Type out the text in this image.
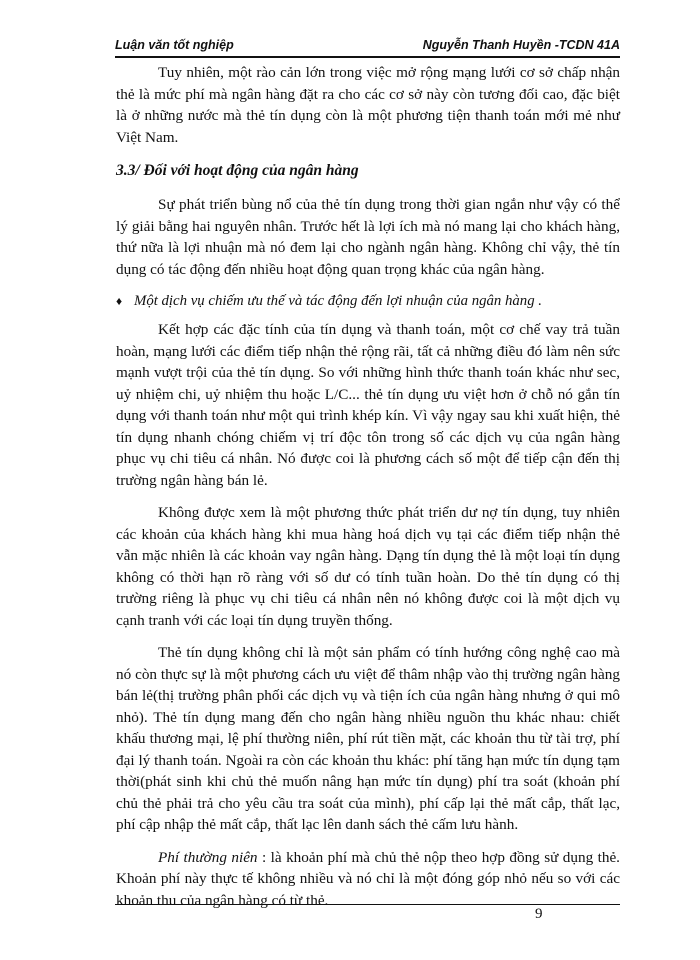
Luận văn tốt nghiệp	Nguyễn Thanh Huyền -TCDN 41A

Tuy nhiên, một rào cản lớn trong việc mở rộng mạng lưới cơ sở chấp nhận thẻ là mức phí mà ngân hàng đặt ra cho các cơ sở này còn tương đối cao, đặc biệt là ở những nước mà thẻ tín dụng còn là một phương tiện thanh toán mới mẻ như Việt Nam.

3.3/ Đối với hoạt động của ngân hàng

Sự phát triển bùng nổ của thẻ tín dụng trong thời gian ngắn như vậy có thể lý giải bằng hai nguyên nhân. Trước hết là lợi ích mà nó mang lại cho khách hàng, thứ nữa là lợi nhuận mà nó đem lại cho ngành ngân hàng. Không chỉ vậy, thẻ tín dụng có tác động đến nhiều hoạt động quan trọng khác của ngân hàng.

♦ Một dịch vụ chiếm ưu thế và tác động đến lợi nhuận của ngân hàng .

Kết hợp các đặc tính của tín dụng và thanh toán, một cơ chế vay trả tuần hoàn, mạng lưới các điểm tiếp nhận thẻ rộng rãi, tất cả những điều đó làm nên sức mạnh vượt trội của thẻ tín dụng. So với những hình thức thanh toán khác như sec, uỷ nhiệm chi, uỷ nhiệm thu hoặc L/C... thẻ tín dụng ưu việt hơn ở chỗ nó gắn tín dụng với thanh toán như một qui trình khép kín. Vì vậy ngay sau khi xuất hiện, thẻ tín dụng nhanh chóng chiếm vị trí độc tôn trong số các dịch vụ của ngân hàng phục vụ chi tiêu cá nhân. Nó được coi là phương cách số một để tiếp cận đến thị trường ngân hàng bán lẻ.

Không được xem là một phương thức phát triển dư nợ tín dụng, tuy nhiên các khoản của khách hàng khi mua hàng hoá dịch vụ tại các điểm tiếp nhận thẻ vẫn mặc nhiên là các khoản vay ngân hàng. Dạng tín dụng thẻ là một loại tín dụng không có thời hạn rõ ràng với số dư có tính tuần hoàn. Do thẻ tín dụng có thị trường riêng là phục vụ chi tiêu cá nhân nên nó không được coi là một dịch vụ cạnh tranh với các loại tín dụng truyền thống.

Thẻ tín dụng không chỉ là một sản phẩm có tính hướng công nghệ cao mà nó còn thực sự là một phương cách ưu việt để thâm nhập vào thị trường ngân hàng bán lẻ(thị trường phân phối các dịch vụ và tiện ích của ngân hàng nhưng ở qui mô nhỏ). Thẻ tín dụng mang đến cho ngân hàng nhiều nguồn thu khác nhau: chiết khấu thương mại, lệ phí thường niên, phí rút tiền mặt, các khoản thu từ tài trợ, phí đại lý thanh toán. Ngoài ra còn các khoản thu khác: phí tăng hạn mức tín dụng tạm thời(phát sinh khi chủ thẻ muốn nâng hạn mức tín dụng) phí tra soát (khoản phí chủ thẻ phải trả cho yêu cầu tra soát của mình), phí cấp lại thẻ mất cắp, thất lạc, phí cập nhập thẻ mất cắp, thất lạc lên danh sách thẻ cấm lưu hành.

Phí thường niên : là khoản phí mà chủ thẻ nộp theo hợp đồng sử dụng thẻ. Khoản phí này thực tế không nhiều và nó chỉ là một đóng góp nhỏ nếu so với các khoản thu của ngân hàng có từ thẻ.

9
